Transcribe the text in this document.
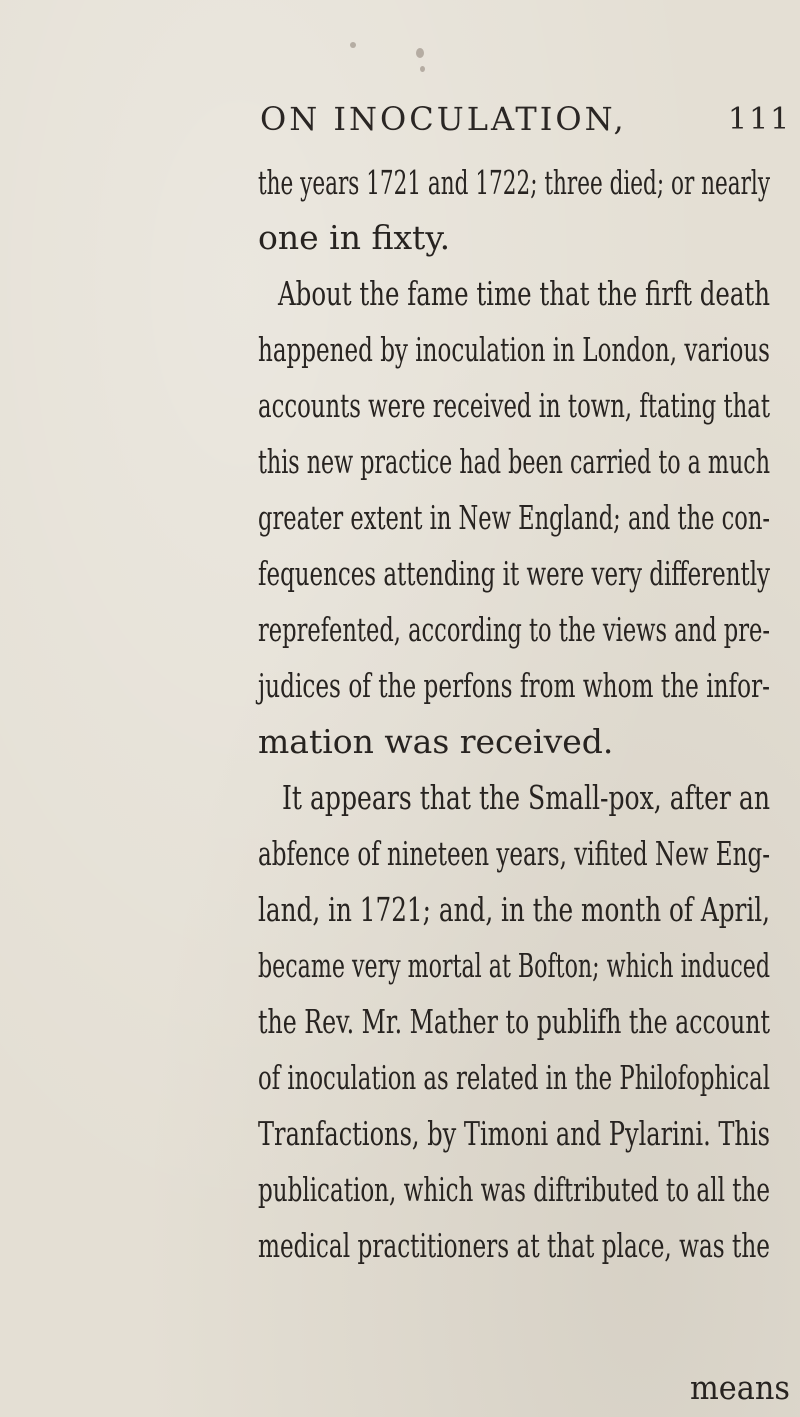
ON INOCULATION,	111
the years 1721 and 1722; three died; or nearly
one in fixty.
About the fame time that the firft death
happened by inoculation in London, various
accounts were received in town, ftating that
this new practice had been carried to a much
greater extent in New England; and the con-
fequences attending it were very differently
reprefented, according to the views and pre-
judices of the perfons from whom the infor-
mation was received.
It appears that the Small-pox, after an
abfence of nineteen years, vifited New Eng-
land, in 1721; and, in the month of April,
became very mortal at Bofton; which induced
the Rev. Mr. Mather to publifh the account
of inoculation as related in the Philofophical
Tranfactions, by Timoni and Pylarini. This
publication, which was diftributed to all the
medical practitioners at that place, was the
means
